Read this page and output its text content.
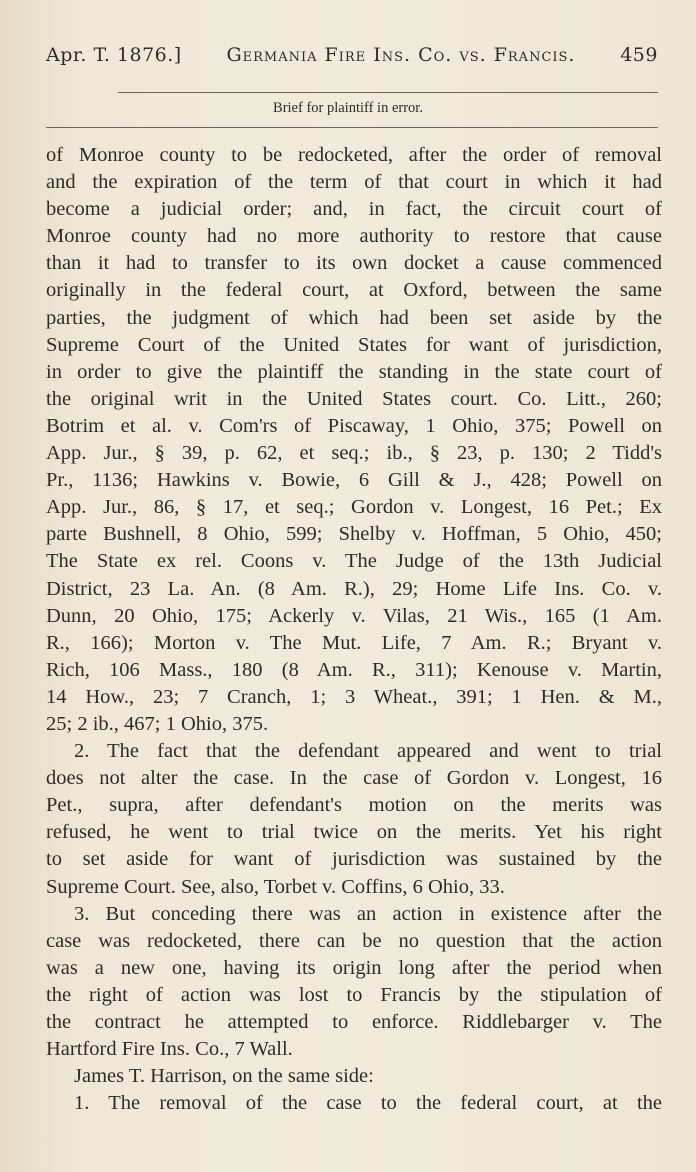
Apr. T. 1876.] Germania Fire Ins. Co. vs. Francis. 459
Brief for plaintiff in error.
of Monroe county to be redocketed, after the order of removal
and the expiration of the term of that court in which it had
become a judicial order; and, in fact, the circuit court of
Monroe county had no more authority to restore that cause
than it had to transfer to its own docket a cause commenced
originally in the federal court, at Oxford, between the same
parties, the judgment of which had been set aside by the
Supreme Court of the United States for want of jurisdiction,
in order to give the plaintiff the standing in the state court of
the original writ in the United States court. Co. Litt., 260;
Botrim et al. v. Com'rs of Piscaway, 1 Ohio, 375; Powell on
App. Jur., § 39, p. 62, et seq.; ib., § 23, p. 130; 2 Tidd's
Pr., 1136; Hawkins v. Bowie, 6 Gill & J., 428; Powell on
App. Jur., 86, § 17, et seq.; Gordon v. Longest, 16 Pet.; Ex
parte Bushnell, 8 Ohio, 599; Shelby v. Hoffman, 5 Ohio, 450;
The State ex rel. Coons v. The Judge of the 13th Judicial
District, 23 La. An. (8 Am. R.), 29; Home Life Ins. Co. v.
Dunn, 20 Ohio, 175; Ackerly v. Vilas, 21 Wis., 165 (1 Am.
R., 166); Morton v. The Mut. Life, 7 Am. R.; Bryant v.
Rich, 106 Mass., 180 (8 Am. R., 311); Kenouse v. Martin,
14 How., 23; 7 Cranch, 1; 3 Wheat., 391; 1 Hen. & M.,
25; 2 ib., 467; 1 Ohio, 375.
2. The fact that the defendant appeared and went to trial
does not alter the case. In the case of Gordon v. Longest, 16
Pet., supra, after defendant's motion on the merits was
refused, he went to trial twice on the merits. Yet his right
to set aside for want of jurisdiction was sustained by the
Supreme Court. See, also, Torbet v. Coffins, 6 Ohio, 33.
3. But conceding there was an action in existence after the
case was redocketed, there can be no question that the action
was a new one, having its origin long after the period when
the right of action was lost to Francis by the stipulation of
the contract he attempted to enforce. Riddlebarger v. The
Hartford Fire Ins. Co., 7 Wall.
James T. Harrison, on the same side:
1. The removal of the case to the federal court, at the
